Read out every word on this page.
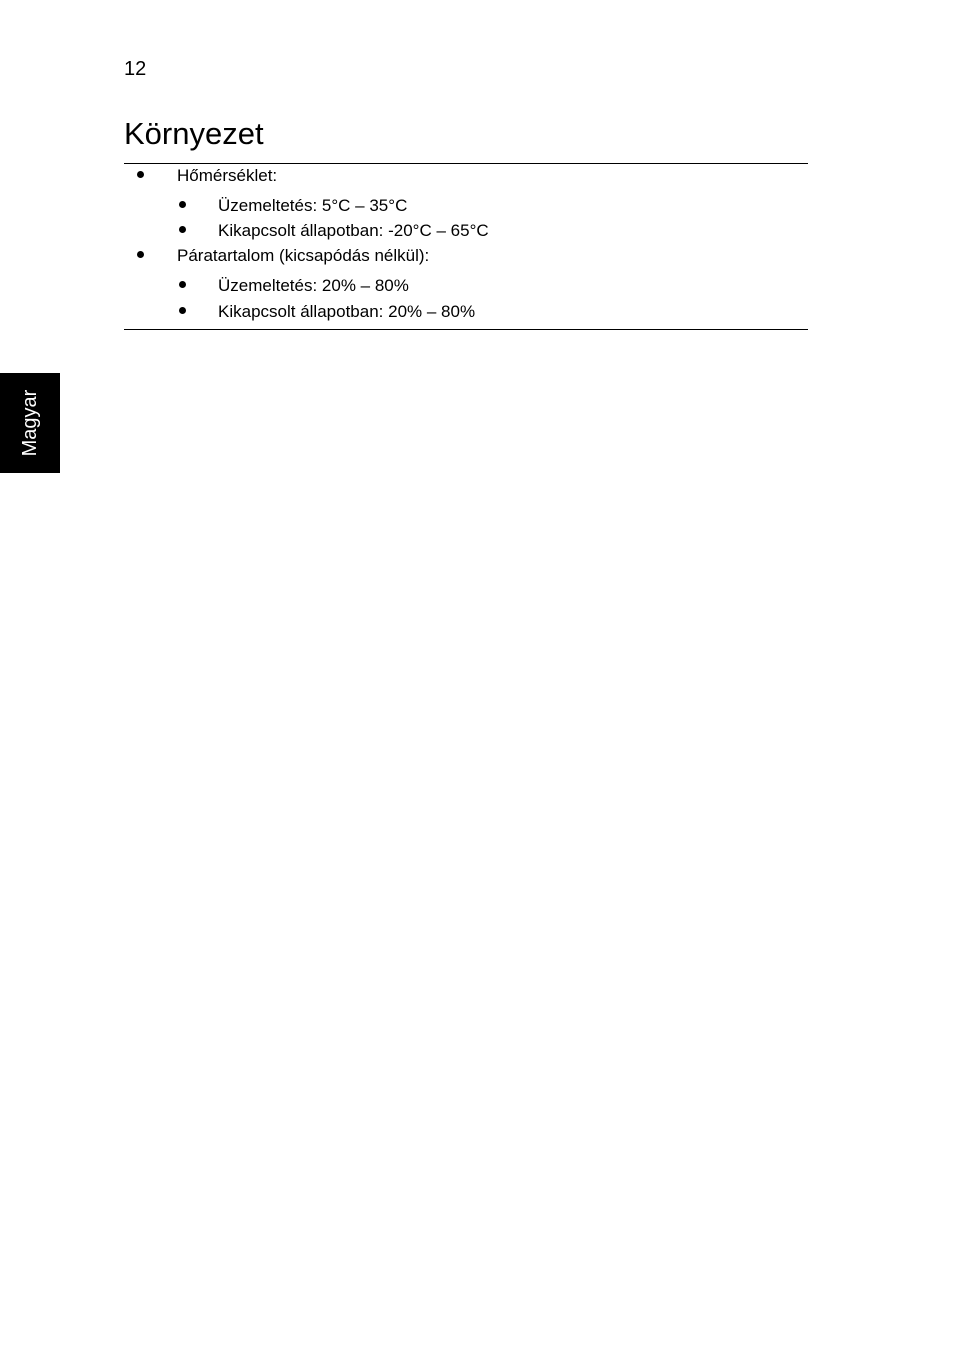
12
Környezet
Hőmérséklet:
Üzemeltetés: 5°C – 35°C
Kikapcsolt állapotban: -20°C – 65°C
Páratartalom (kicsapódás nélkül):
Üzemeltetés: 20% – 80%
Kikapcsolt állapotban: 20% – 80%
Magyar
